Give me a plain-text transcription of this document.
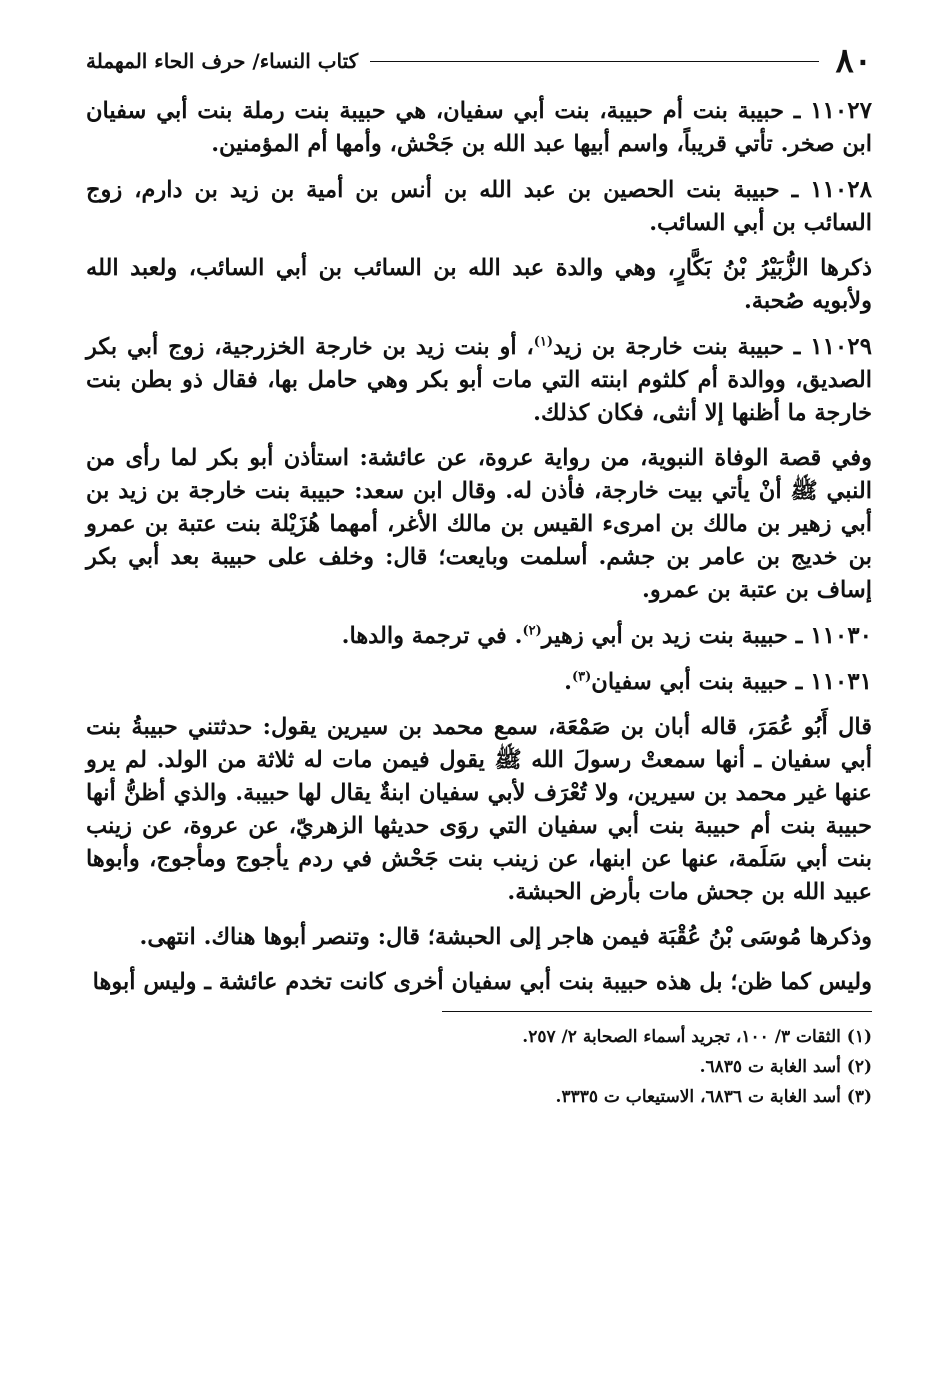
٨٠
كتاب النساء/ حرف الحاء المهملة

١١٠٢٧ ـ حبيبة بنت أم حبيبة، بنت أبي سفيان، هي حبيبة بنت رملة بنت أبي سفيان ابن صخر. تأتي قريباً، واسم أبيها عبد الله بن جَحْش، وأمها أم المؤمنين.

١١٠٢٨ ـ حبيبة بنت الحصين بن عبد الله بن أنس بن أمية بن زيد بن دارم، زوج السائب بن أبي السائب.

ذكرها الزُّبَيْرُ بْنُ بَكَّارٍ، وهي والدة عبد الله بن السائب بن أبي السائب، ولعبد الله ولأبويه صُحبة.

١١٠٢٩ ـ حبيبة بنت خارجة بن زيد$^{(١)}$، أو بنت زيد بن خارجة الخزرجية، زوج أبي بكر الصديق، ووالدة أم كلثوم ابنته التي مات أبو بكر وهي حامل بها، فقال ذو بطن بنت خارجة ما أظنها إلا أنثى، فكان كذلك.

وفي قصة الوفاة النبوية، من رواية عروة، عن عائشة: استأذن أبو بكر لما رأى من النبي ﷺ أنْ يأتي بيت خارجة، فأذن له. وقال ابن سعد: حبيبة بنت خارجة بن زيد بن أبي زهير بن مالك بن امرىء القيس بن مالك الأغر، أمهما هُزَيْلة بنت عتبة بن عمرو بن خديج بن عامر بن جشم. أسلمت وبايعت؛ قال: وخلف على حبيبة بعد أبي بكر إساف بن عتبة بن عمرو.

١١٠٣٠ ـ حبيبة بنت زيد بن أبي زهير$^{(٢)}$. في ترجمة والدها.

١١٠٣١ ـ حبيبة بنت أبي سفيان$^{(٣)}$.

قال أَبُو عُمَرَ، قاله أبان بن صَمْعَة، سمع محمد بن سيرين يقول: حدثتني حبيبةُ بنت أبي سفيان ـ أنها سمعتْ رسولَ الله ﷺ يقول فيمن مات له ثلاثة من الولد. لم يرو عنها غير محمد بن سيرين، ولا تُعْرَف لأبي سفيان ابنةٌ يقال لها حبيبة. والذي أظنُّ أنها حبيبة بنت أم حبيبة بنت أبي سفيان التي روَى حديثها الزهريّ، عن عروة، عن زينب بنت أبي سَلَمة، عنها عن ابنها، عن زينب بنت جَحْش في ردم يأجوج ومأجوج، وأبوها عبيد الله بن جحش مات بأرض الحبشة.

وذكرها مُوسَى بْنُ عُقْبَة فيمن هاجر إلى الحبشة؛ قال: وتنصر أبوها هناك. انتهى.

وليس كما ظن؛ بل هذه حبيبة بنت أبي سفيان أخرى كانت تخدم عائشة ـ وليس أبوها

(١) الثقات ٣/ ١٠٠، تجريد أسماء الصحابة ٢/ ٢٥٧.
(٢) أسد الغابة ت ٦٨٣٥.
(٣) أسد الغابة ت ٦٨٣٦، الاستيعاب ت ٣٣٣٥.
